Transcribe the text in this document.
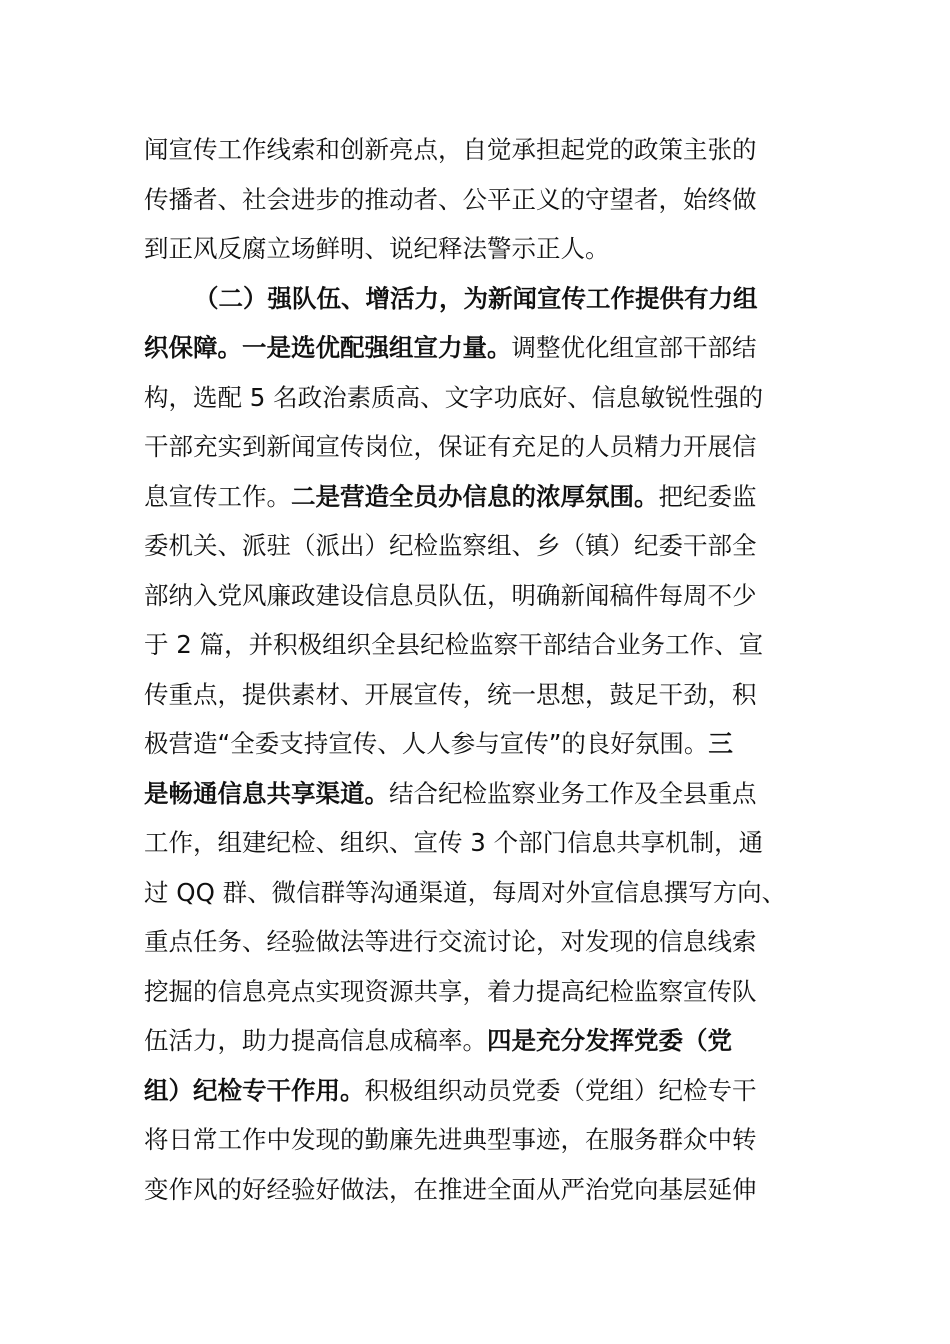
闻宣传工作线索和创新亮点，自觉承担起党的政策主张的
传播者、社会进步的推动者、公平正义的守望者，始终做
到正风反腐立场鲜明、说纪释法警示正人。
（二）强队伍、增活力，为新闻宣传工作提供有力组
织保障。一是选优配强组宣力量。调整优化组宣部干部结
构，选配 5 名政治素质高、文字功底好、信息敏锐性强的
干部充实到新闻宣传岗位，保证有充足的人员精力开展信
息宣传工作。二是营造全员办信息的浓厚氛围。把纪委监
委机关、派驻（派出）纪检监察组、乡（镇）纪委干部全
部纳入党风廉政建设信息员队伍，明确新闻稿件每周不少
于 2 篇，并积极组织全县纪检监察干部结合业务工作、宣
传重点，提供素材、开展宣传，统一思想，鼓足干劲，积
极营造“全委支持宣传、人人参与宣传”的良好氛围。三
是畅通信息共享渠道。结合纪检监察业务工作及全县重点
工作，组建纪检、组织、宣传 3 个部门信息共享机制，通
过 QQ 群、微信群等沟通渠道，每周对外宣信息撰写方向、
重点任务、经验做法等进行交流讨论，对发现的信息线索
挖掘的信息亮点实现资源共享，着力提高纪检监察宣传队
伍活力，助力提高信息成稿率。四是充分发挥党委（党
组）纪检专干作用。积极组织动员党委（党组）纪检专干
将日常工作中发现的勤廉先进典型事迹，在服务群众中转
变作风的好经验好做法，在推进全面从严治党向基层延伸
